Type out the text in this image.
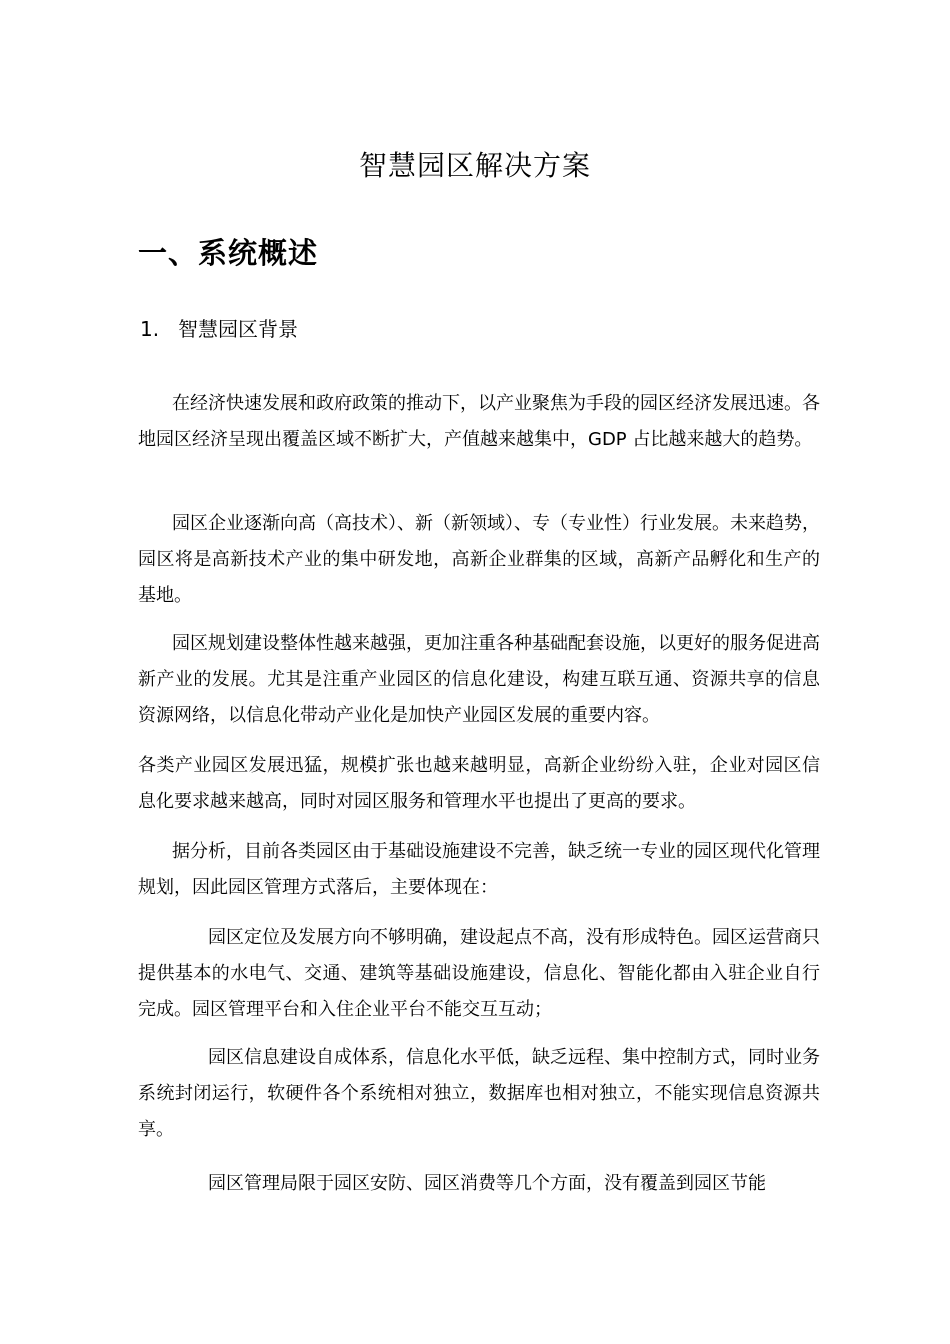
智慧园区解决方案
一、系统概述
1. 智慧园区背景

在经济快速发展和政府政策的推动下，以产业聚焦为手段的园区经济发展迅速。各地园区经济呈现出覆盖区域不断扩大，产值越来越集中，GDP 占比越来越大的趋势。

园区企业逐渐向高（高技术）、新（新领域）、专（专业性）行业发展。未来趋势，园区将是高新技术产业的集中研发地，高新企业群集的区域，高新产品孵化和生产的基地。

园区规划建设整体性越来越强，更加注重各种基础配套设施，以更好的服务促进高新产业的发展。尤其是注重产业园区的信息化建设，构建互联互通、资源共享的信息资源网络，以信息化带动产业化是加快产业园区发展的重要内容。

各类产业园区发展迅猛，规模扩张也越来越明显，高新企业纷纷入驻，企业对园区信息化要求越来越高，同时对园区服务和管理水平也提出了更高的要求。

据分析，目前各类园区由于基础设施建设不完善，缺乏统一专业的园区现代化管理规划，因此园区管理方式落后，主要体现在：

园区定位及发展方向不够明确，建设起点不高，没有形成特色。园区运营商只提供基本的水电气、交通、建筑等基础设施建设，信息化、智能化都由入驻企业自行完成。园区管理平台和入住企业平台不能交互互动；

园区信息建设自成体系，信息化水平低，缺乏远程、集中控制方式，同时业务系统封闭运行，软硬件各个系统相对独立，数据库也相对独立，不能实现信息资源共享。

园区管理局限于园区安防、园区消费等几个方面，没有覆盖到园区节能
